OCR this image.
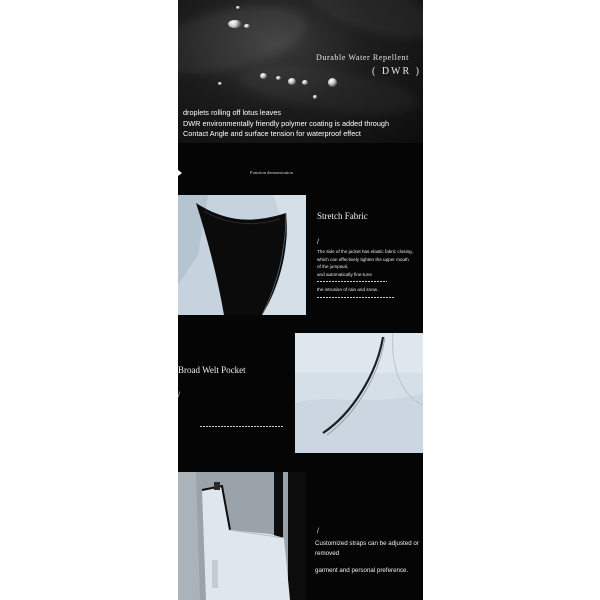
Durable Water Repellent
( DWR )
droplets rolling off lotus leaves
DWR environmentally friendly polymer coating is added through
Contact Angle and surface tension for waterproof effect
Function demonstration
Stretch Fabric
/
The side of the jacket has elastic fabric closing,
which can effectively tighten the upper mouth
of the jumpsuit,
and automatically fine-tune
the intrusion of rain and snow.
Broad Welt Pocket
/
/
Customized straps can be adjusted or
removed
garment and personal preference.
